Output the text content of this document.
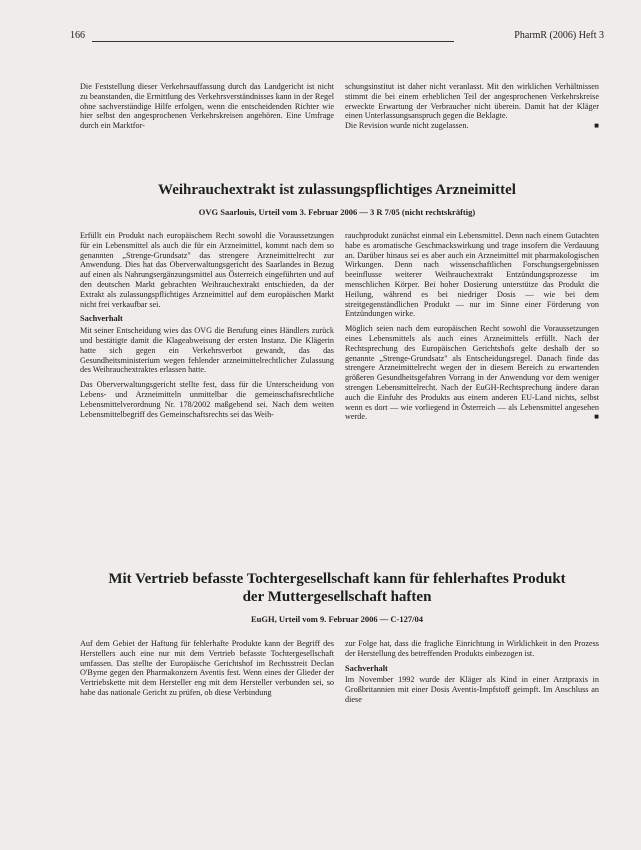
166	PharmR (2006) Heft 3

Die Feststellung dieser Verkehrsauffassung durch das Landgericht ist nicht zu beanstanden, die Ermittlung des Verkehrsverständnisses kann in der Regel ohne sachverständige Hilfe erfolgen, wenn die entscheidenden Richter wie hier selbst den angesprochenen Verkehrskreisen angehören. Eine Umfrage durch ein Marktfor-

schungsinstitut ist daher nicht veranlasst. Mit den wirklichen Verhältnissen stimmt die bei einem erheblichen Teil der angesprochenen Verkehrskreise erweckte Erwartung der Verbraucher nicht überein. Damit hat der Kläger einen Unterlassungsanspruch gegen die Beklagte.

Die Revision wurde nicht zugelassen.	■

Weihrauchextrakt ist zulassungspflichtiges Arzneimittel
OVG Saarlouis, Urteil vom 3. Februar 2006 — 3 R 7/05 (nicht rechtskräftig)

Erfüllt ein Produkt nach europäischem Recht sowohl die Voraussetzungen für ein Lebensmittel als auch die für ein Arzneimittel, kommt nach dem so genannten „Strenge-Grundsatz" das strengere Arzneimittelrecht zur Anwendung. Dies hat das Oberverwaltungsgericht des Saarlandes in Bezug auf einen als Nahrungsergänzungsmittel aus Österreich eingeführten und auf den deutschen Markt gebrachten Weihrauchextrakt entschieden, da der Extrakt als zulassungspflichtiges Arzneimittel auf dem europäischen Markt nicht frei verkaufbar sei.

Sachverhalt

Mit seiner Entscheidung wies das OVG die Berufung eines Händlers zurück und bestätigte damit die Klageabweisung der ersten Instanz. Die Klägerin hatte sich gegen ein Verkehrsverbot gewandt, das das Gesundheitsministerium wegen fehlender arzneimittelrechtlicher Zulassung des Weihrauchextraktes erlassen hatte.

Das Oberverwaltungsgericht stellte fest, dass für die Unterscheidung von Lebens- und Arzneimitteln unmittelbar die gemeinschaftsrechtliche Lebensmittelverordnung Nr. 178/2002 maßgebend sei. Nach dem weiten Lebensmittelbegriff des Gemeinschaftsrechts sei das Weih-

rauchprodukt zunächst einmal ein Lebensmittel. Denn nach einem Gutachten habe es aromatische Geschmackswirkung und trage insofern die Verdauung an. Darüber hinaus sei es aber auch ein Arzneimittel mit pharmakologischen Wirkungen. Denn nach wissenschaftlichen Forschungsergebnissen beeinflusse weiterer Weihrauchextrakt Entzündungsprozesse im menschlichen Körper. Bei hoher Dosierung unterstütze das Produkt die Heilung, während es bei niedriger Dosis — wie bei dem streitgegenständlichen Produkt — nur im Sinne einer Förderung von Entzündungen wirke.

Möglich seien nach dem europäischen Recht sowohl die Voraussetzungen eines Lebensmittels als auch eines Arzneimittels erfüllt. Nach der Rechtsprechung des Europäischen Gerichtshofs gelte deshalb der so genannte „Strenge-Grundsatz" als Entscheidungsregel. Danach finde das strengere Arzneimittelrecht wegen der in diesem Bereich zu erwartenden größeren Gesundheitsgefahren Vorrang in der Anwendung vor dem weniger strengen Lebensmittelrecht. Nach der EuGH-Rechtsprechung ändere daran auch die Einfuhr des Produkts aus einem anderen EU-Land nichts, selbst wenn es dort — wie vorliegend in Österreich — als Lebensmittel angesehen werde.	■

Mit Vertrieb befasste Tochtergesellschaft kann für fehlerhaftes Produkt
der Muttergesellschaft haften
EuGH, Urteil vom 9. Februar 2006 — C-127/04

Auf dem Gebiet der Haftung für fehlerhafte Produkte kann der Begriff des Herstellers auch eine nur mit dem Vertrieb befasste Tochtergesellschaft umfassen. Das stellte der Europäische Gerichtshof im Rechtsstreit Declan O'Byrne gegen den Pharmakonzern Aventis fest. Wenn eines der Glieder der Vertriebskette mit dem Hersteller eng mit dem Hersteller verbunden sei, so habe das nationale Gericht zu prüfen, ob diese Verbindung

zur Folge hat, dass die fragliche Einrichtung in Wirklichkeit in den Prozess der Herstellung des betreffenden Produkts einbezogen ist.

Sachverhalt

Im November 1992 wurde der Kläger als Kind in einer Arztpraxis in Großbritannien mit einer Dosis Aventis-Impfstoff geimpft. Im Anschluss an diese
